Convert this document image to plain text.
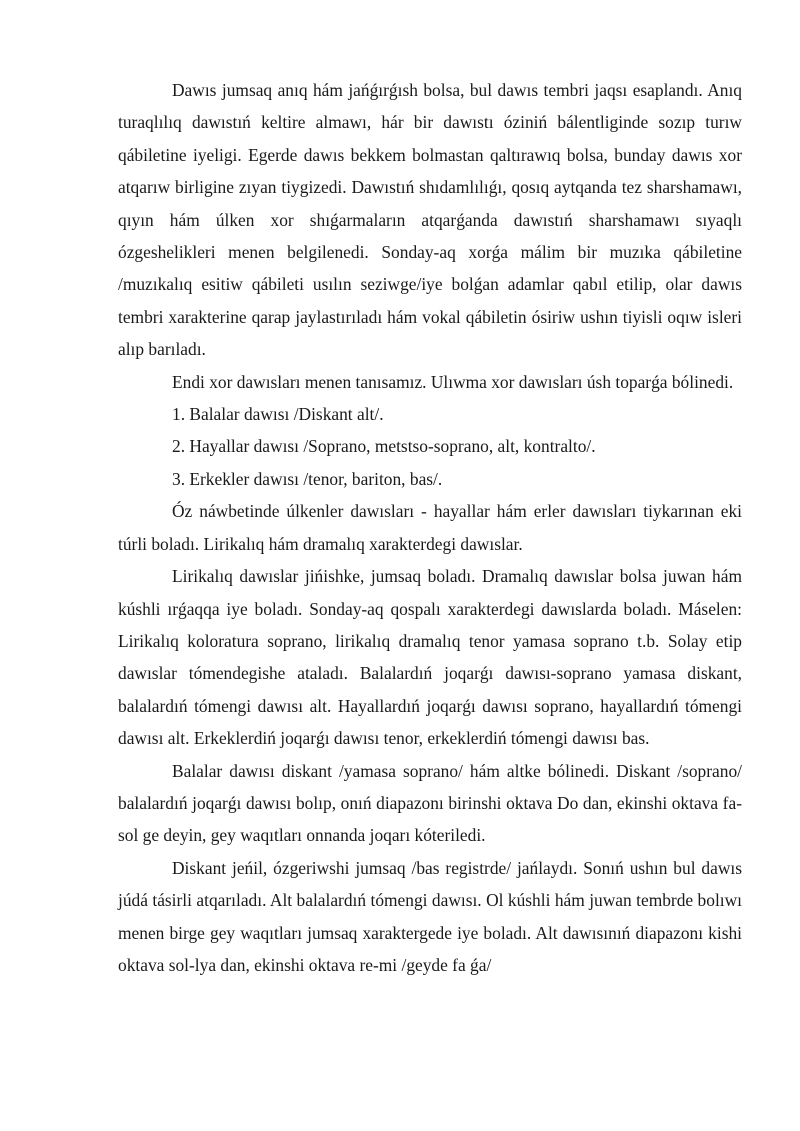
Dawıs jumsaq anıq hám jańǵırǵısh bolsa, bul dawıs tembri jaqsı esaplandı. Anıq turaqlılıq dawıstıń keltire almawı, hár bir dawıstı óziniń bálentliginde sozıp turıw qábiletine iyeligi. Egerde dawıs bekkem bolmastan qaltırawıq bolsa, bunday dawıs xor atqarıw birligine zıyan tiygizedi. Dawıstıń shıdamlılıǵı, qosıq aytqanda tez sharshamawı, qıyın hám úlken xor shıǵarmaların atqarǵanda dawıstıń sharshamawı sıyaqlı ózgeshelikleri menen belgilenedi. Sonday-aq xorǵa málim bir muzıka qábiletine /muzıkalıq esitiw qábileti usılın seziwge/iye bolǵan adamlar qabıl etilip, olar dawıs tembri xarakterine qarap jaylastırıladı hám vokal qábiletin ósiriw ushın tiyisli oqıw isleri alıp barıladı.

Endi xor dawısları menen tanısamız. Ulıwma xor dawısları úsh toparǵa bólinedi.

1. Balalar dawısı /Diskant alt/.

2. Hayallar dawısı /Soprano, metstso-soprano, alt, kontralto/.

3. Erkekler dawısı /tenor, bariton, bas/.

Óz náwbetinde úlkenler dawısları - hayallar hám erler dawısları tiykarınan eki túrli boladı. Lirikalıq hám dramalıq xarakterdegi dawıslar.

Lirikalıq dawıslar jińishke, jumsaq boladı. Dramalıq dawıslar bolsa juwan hám kúshli ırǵaqqa iye boladı. Sonday-aq qospalı xarakterdegi dawıslarda boladı. Máselen: Lirikalıq koloratura soprano, lirikalıq dramalıq tenor yamasa soprano t.b. Solay etip dawıslar tómendegishe ataladı. Balalardıń joqarǵı dawısı-soprano yamasa diskant, balalardıń tómengi dawısı alt. Hayallardıń joqarǵı dawısı soprano, hayallardıń tómengi dawısı alt. Erkeklerdiń joqarǵı dawısı tenor, erkeklerdiń tómengi dawısı bas.

Balalar dawısı diskant /yamasa soprano/ hám altke bólinedi. Diskant /soprano/ balalardıń joqarǵı dawısı bolıp, onıń diapazonı birinshi oktava Do dan, ekinshi oktava fa-sol ge deyin, gey waqıtları onnanda joqarı kóteriledi.

Diskant jeńil, ózgeriwshi jumsaq /bas registrde/ jańlaydı. Sonıń ushın bul dawıs júdá tásirli atqarıladı. Alt balalardıń tómengi dawısı. Ol kúshli hám juwan tembrde bolıwı menen birge gey waqıtları jumsaq xaraktergede iye boladı. Alt dawısınıń diapazonı kishi oktava sol-lya dan, ekinshi oktava re-mi /geyde fa ǵa/
